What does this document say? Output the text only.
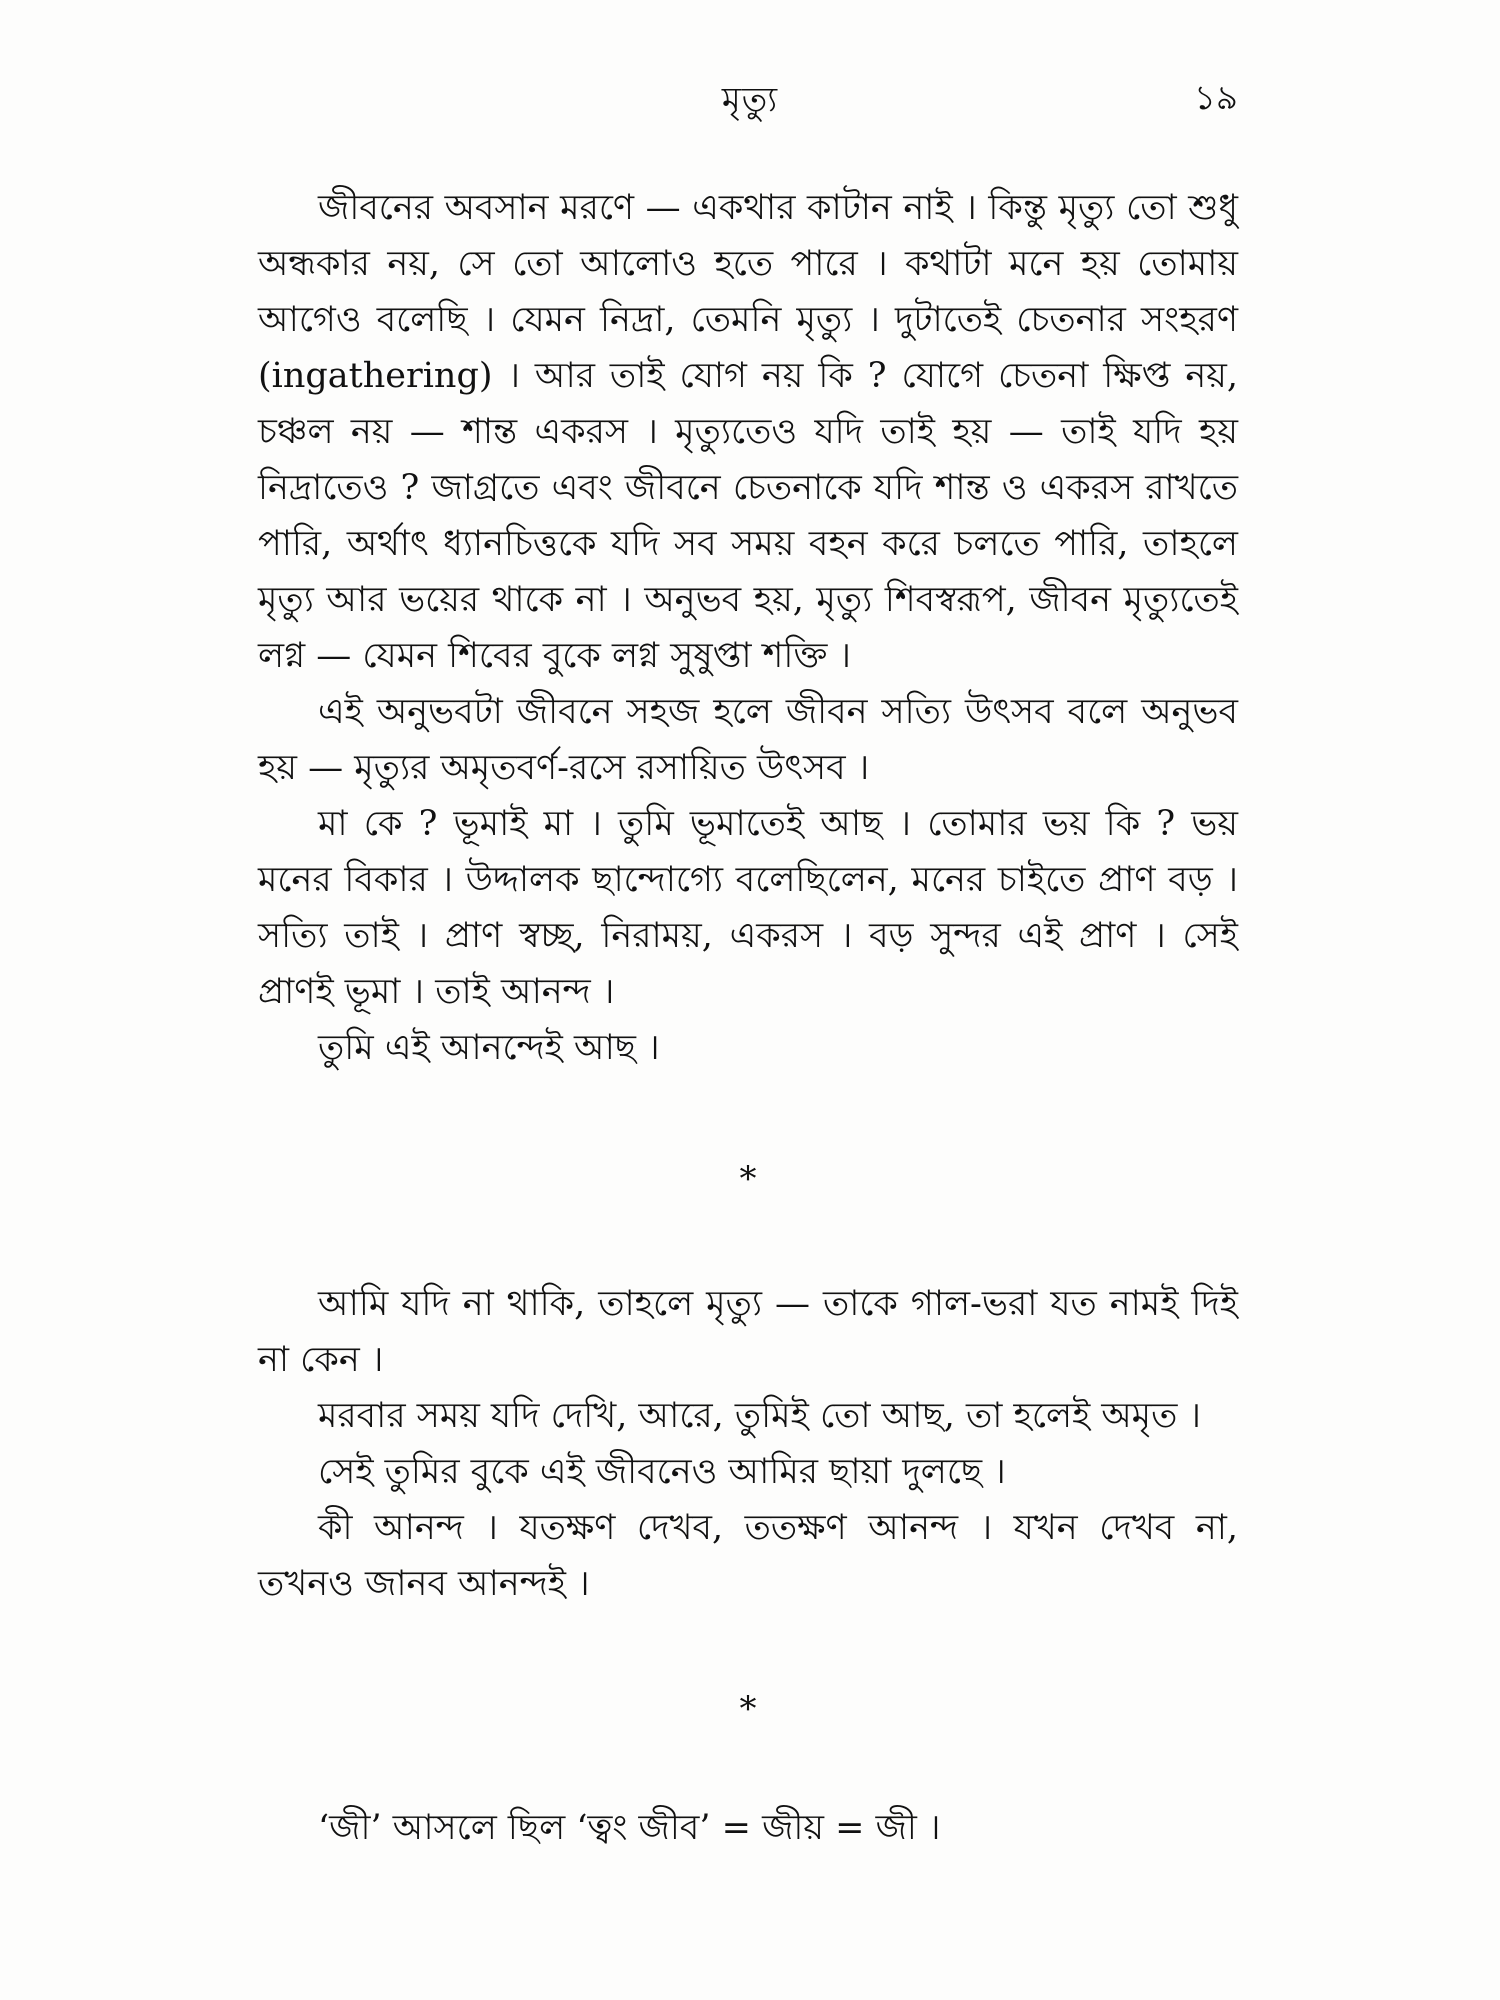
মৃত্যু	১৯

জীবনের অবসান মরণে — একথার কাটান নাই । কিন্তু মৃত্যু তো শুধু অন্ধকার নয়, সে তো আলোও হতে পারে । কথাটা মনে হয় তোমায় আগেও বলেছি । যেমন নিদ্রা, তেমনি মৃত্যু । দুটাতেই চেতনার সংহরণ (ingathering) । আর তাই যোগ নয় কি ? যোগে চেতনা ক্ষিপ্ত নয়, চঞ্চল নয় — শান্ত একরস । মৃত্যুতেও যদি তাই হয় — তাই যদি হয় নিদ্রাতেও ? জাগ্রতে এবং জীবনে চেতনাকে যদি শান্ত ও একরস রাখতে পারি, অর্থাৎ ধ্যানচিত্তকে যদি সব সময় বহন করে চলতে পারি, তাহলে মৃত্যু আর ভয়ের থাকে না । অনুভব হয়, মৃত্যু শিবস্বরূপ, জীবন মৃত্যুতেই লগ্ন — যেমন শিবের বুকে লগ্ন সুষুপ্তা শক্তি ।

এই অনুভবটা জীবনে সহজ হলে জীবন সত্যি উৎসব বলে অনুভব হয় — মৃত্যুর অমৃতবর্ণ-রসে রসায়িত উৎসব ।

মা কে ? ভূমাই মা । তুমি ভূমাতেই আছ । তোমার ভয় কি ? ভয় মনের বিকার । উদ্দালক ছান্দোগ্যে বলেছিলেন, মনের চাইতে প্রাণ বড় । সত্যি তাই । প্রাণ স্বচ্ছ, নিরাময়, একরস । বড় সুন্দর এই প্রাণ । সেই প্রাণই ভূমা । তাই আনন্দ ।

তুমি এই আনন্দেই আছ ।

*

আমি যদি না থাকি, তাহলে মৃত্যু — তাকে গাল-ভরা যত নামই দিই না কেন ।

মরবার সময় যদি দেখি, আরে, তুমিই তো আছ, তা হলেই অমৃত ।

সেই তুমির বুকে এই জীবনেও আমির ছায়া দুলছে ।

কী আনন্দ । যতক্ষণ দেখব, ততক্ষণ আনন্দ । যখন দেখব না, তখনও জানব আনন্দই ।

*

‘জী’ আসলে ছিল ‘ত্বং জীব’ = জীয় = জী ।
